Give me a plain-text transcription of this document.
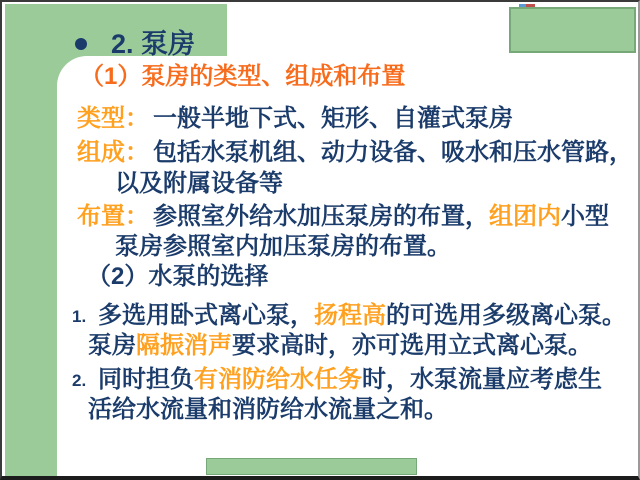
2. 泵房
（1）泵房的类型、组成和布置
类型： 一般半地下式、矩形、自灌式泵房
组成： 包括水泵机组、动力设备、吸水和压水管路，
以及附属设备等
布置： 参照室外给水加压泵房的布置，组团内小型
泵房参照室内加压泵房的布置。
（2）水泵的选择
1. 多选用卧式离心泵，扬程高的可选用多级离心泵。
泵房隔振消声要求高时，亦可选用立式离心泵。
2. 同时担负有消防给水任务时，水泵流量应考虑生
活给水流量和消防给水流量之和。
